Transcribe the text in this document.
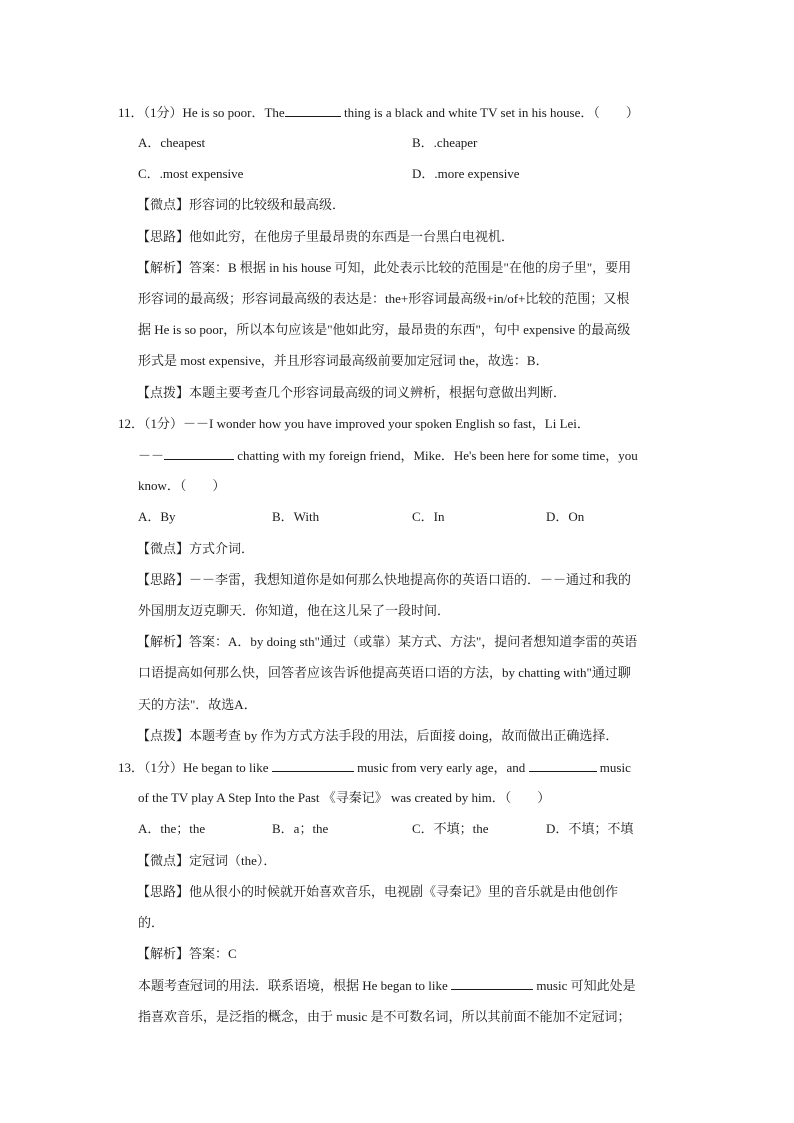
11．（1分）He is so poor．The	thing is a black and white TV set in his house．（　　）
A．cheapest	B．.cheaper
C．.most expensive	D．.more expensive
【微点】形容词的比较级和最高级．
【思路】他如此穷，在他房子里最昂贵的东西是一台黑白电视机．
【解析】答案：B 根据 in his house 可知，此处表示比较的范围是"在他的房子里"，要用
形容词的最高级；形容词最高级的表达是：the+形容词最高级+in/of+比较的范围；又根
据 He is so poor，所以本句应该是"他如此穷，最昂贵的东西"，句中 expensive 的最高级
形式是 most expensive，并且形容词最高级前要加定冠词 the，故选：B．
【点拨】本题主要考查几个形容词最高级的词义辨析，根据句意做出判断．
12．（1分）－－I wonder how you have improved your spoken English so fast，Li Lei．
－－	chatting with my foreign friend，Mike．He's been here for some time，you
know．（　　）
A．By	B．With	C．In	D．On
【微点】方式介词．
【思路】－－李雷，我想知道你是如何那么快地提高你的英语口语的．－－通过和我的
外国朋友迈克聊天．你知道，他在这儿呆了一段时间．
【解析】答案：A．by doing sth"通过（或靠）某方式、方法"，提问者想知道李雷的英语
口语提高如何那么快，回答者应该告诉他提高英语口语的方法，by chatting with"通过聊
天的方法"．故选A．
【点拨】本题考查 by 作为方式方法手段的用法，后面接 doing，故而做出正确选择．
13．（1分）He began to like	music from very early age，and	music
of the TV play A Step Into the Past 《寻秦记》 was created by him．（　　）
A．the；the	B．a；the	C．不填；the	D．不填；不填
【微点】定冠词（the）．
【思路】他从很小的时候就开始喜欢音乐，电视剧《寻秦记》里的音乐就是由他创作
的．
【解析】答案：C
本题考查冠词的用法．联系语境，根据 He began to like	music 可知此处是
指喜欢音乐，是泛指的概念，由于 music 是不可数名词，所以其前面不能加不定冠词；
